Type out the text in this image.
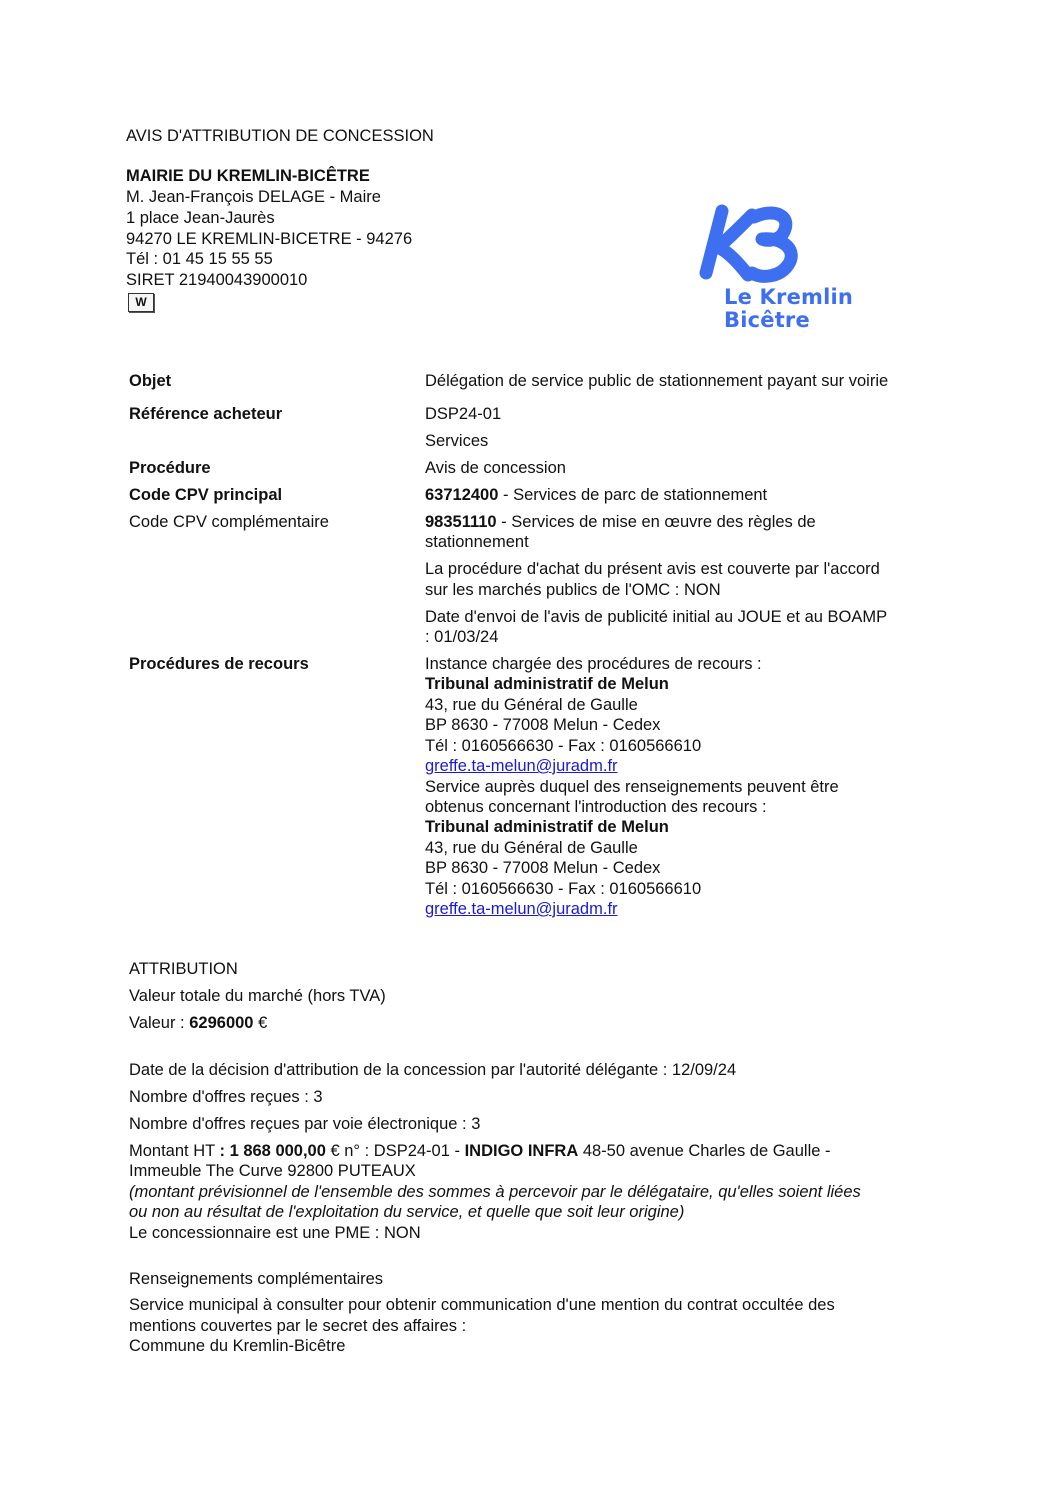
AVIS D'ATTRIBUTION DE CONCESSION
MAIRIE DU KREMLIN-BICÊTRE
M. Jean-François DELAGE - Maire
1 place Jean-Jaurès
94270 LE KREMLIN-BICETRE - 94276
Tél : 01 45 15 55 55
SIRET 21940043900010
W	Le Kremlin
Bicêtre
Objet	Délégation de service public de stationnement payant sur voirie
Référence acheteur	DSP24-01
Services
Procédure	Avis de concession
Code CPV principal	63712400 - Services de parc de stationnement
Code CPV complémentaire	98351110 - Services de mise en œuvre des règles de
stationnement
La procédure d'achat du présent avis est couverte par l'accord
sur les marchés publics de l'OMC : NON
Date d'envoi de l'avis de publicité initial au JOUE et au BOAMP
: 01/03/24
Procédures de recours	Instance chargée des procédures de recours :
Tribunal administratif de Melun
43, rue du Général de Gaulle
BP 8630 - 77008 Melun - Cedex
Tél : 0160566630 - Fax : 0160566610
greffe.ta-melun@juradm.fr
Service auprès duquel des renseignements peuvent être
obtenus concernant l'introduction des recours :
Tribunal administratif de Melun
43, rue du Général de Gaulle
BP 8630 - 77008 Melun - Cedex
Tél : 0160566630 - Fax : 0160566610
greffe.ta-melun@juradm.fr
ATTRIBUTION
Valeur totale du marché (hors TVA)
Valeur : 6296000 €
Date de la décision d'attribution de la concession par l'autorité délégante : 12/09/24
Nombre d'offres reçues : 3
Nombre d'offres reçues par voie électronique : 3
Montant HT : 1 868 000,00 € n° : DSP24-01 - INDIGO INFRA 48-50 avenue Charles de Gaulle -
Immeuble The Curve 92800 PUTEAUX
(montant prévisionnel de l'ensemble des sommes à percevoir par le délégataire, qu'elles soient liées
ou non au résultat de l'exploitation du service, et quelle que soit leur origine)
Le concessionnaire est une PME : NON
Renseignements complémentaires
Service municipal à consulter pour obtenir communication d'une mention du contrat occultée des
mentions couvertes par le secret des affaires :
Commune du Kremlin-Bicêtre
